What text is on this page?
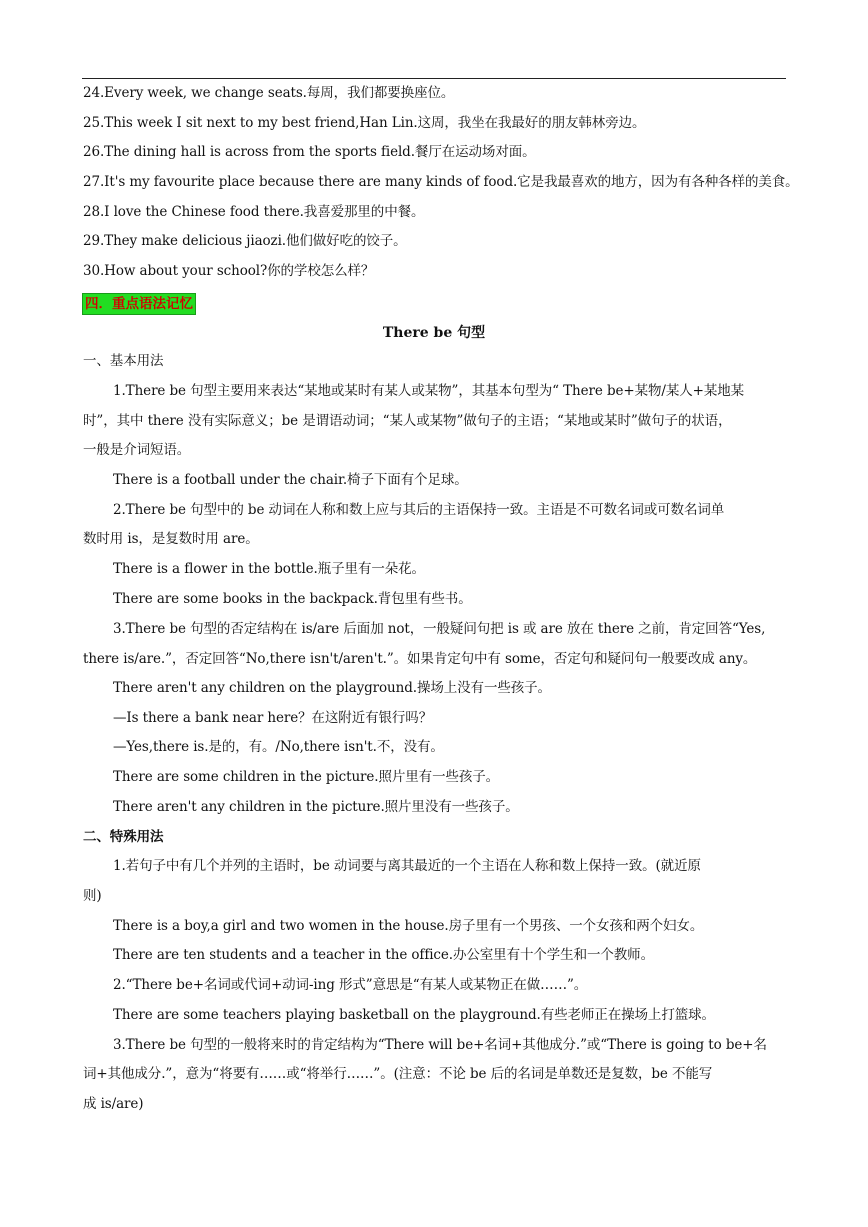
24.Every week, we change seats.每周，我们都要换座位。
25.This week I sit next to my best friend,Han Lin.这周，我坐在我最好的朋友韩林旁边。
26.The dining hall is across from the sports field.餐厅在运动场对面。
27.It's my favourite place because there are many kinds of food.它是我最喜欢的地方，因为有各种各样的美食。
28.I love the Chinese food there.我喜爱那里的中餐。
29.They make delicious jiaozi.他们做好吃的饺子。
30.How about your school?你的学校怎么样？
四．重点语法记忆
There be 句型
一、基本用法
1.There be 句型主要用来表达“某地或某时有某人或某物”，其基本句型为“ There be+某物/某人+某地某
时”，其中 there 没有实际意义；be 是谓语动词；“某人或某物”做句子的主语；“某地或某时”做句子的状语，
一般是介词短语。
There is a football under the chair.椅子下面有个足球。
2.There be 句型中的 be 动词在人称和数上应与其后的主语保持一致。主语是不可数名词或可数名词单
数时用 is，是复数时用 are。
There is a flower in the bottle.瓶子里有一朵花。
There are some books in the backpack.背包里有些书。
3.There be 句型的否定结构在 is/are 后面加 not，一般疑问句把 is 或 are 放在 there 之前，肯定回答“Yes,
there is/are.”，否定回答“No,there isn't/aren't.”。如果肯定句中有 some，否定句和疑问句一般要改成 any。
There aren't any children on the playground.操场上没有一些孩子。
—Is there a bank near here？在这附近有银行吗？
—Yes,there is.是的，有。/No,there isn't.不，没有。
There are some children in the picture.照片里有一些孩子。
There aren't any children in the picture.照片里没有一些孩子。
二、特殊用法
1.若句子中有几个并列的主语时，be 动词要与离其最近的一个主语在人称和数上保持一致。(就近原
则)
There is a boy,a girl and two women in the house.房子里有一个男孩、一个女孩和两个妇女。
There are ten students and a teacher in the office.办公室里有十个学生和一个教师。
2.“There be+名词或代词+动词-ing 形式”意思是“有某人或某物正在做……”。
There are some teachers playing basketball on the playground.有些老师正在操场上打篮球。
3.There be 句型的一般将来时的肯定结构为“There will be+名词+其他成分.”或“There is going to be+名
词+其他成分.”，意为“将要有……或“将举行……”。(注意：不论 be 后的名词是单数还是复数，be 不能写
成 is/are)
